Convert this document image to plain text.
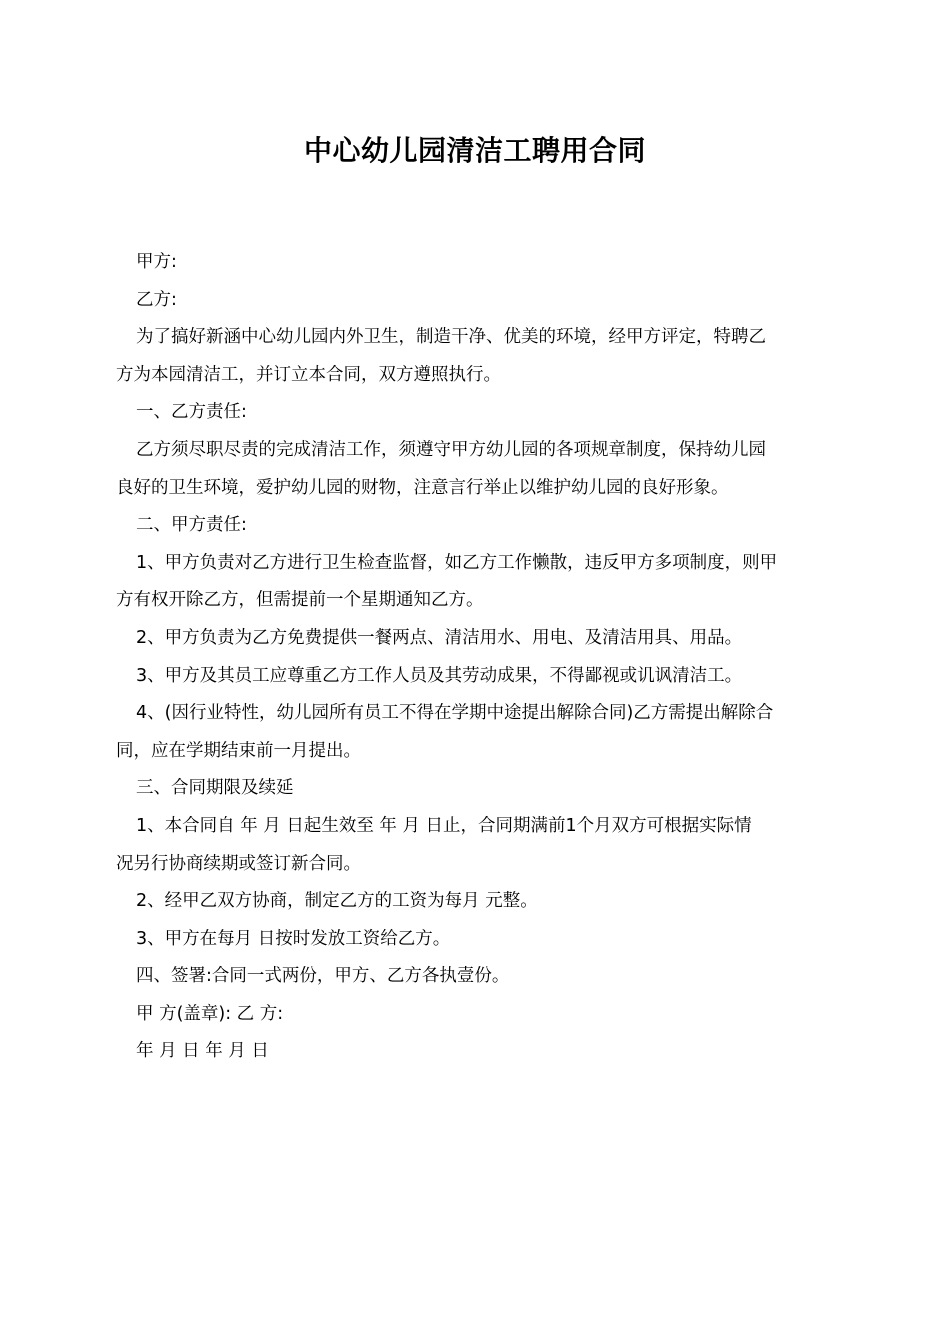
中心幼儿园清洁工聘用合同

甲方:

乙方:

为了搞好新涵中心幼儿园内外卫生，制造干净、优美的环境，经甲方评定，特聘乙

方为本园清洁工，并订立本合同，双方遵照执行。

一、乙方责任:

乙方须尽职尽责的完成清洁工作，须遵守甲方幼儿园的各项规章制度，保持幼儿园

良好的卫生环境，爱护幼儿园的财物，注意言行举止以维护幼儿园的良好形象。

二、甲方责任:

1、甲方负责对乙方进行卫生检查监督，如乙方工作懒散，违反甲方多项制度，则甲

方有权开除乙方，但需提前一个星期通知乙方。

2、甲方负责为乙方免费提供一餐两点、清洁用水、用电、及清洁用具、用品。

3、甲方及其员工应尊重乙方工作人员及其劳动成果，不得鄙视或讥讽清洁工。

4、(因行业特性，幼儿园所有员工不得在学期中途提出解除合同)乙方需提出解除合

同，应在学期结束前一月提出。

三、合同期限及续延

1、本合同自 年 月 日起生效至 年 月 日止，合同期满前1个月双方可根据实际情

况另行协商续期或签订新合同。

2、经甲乙双方协商，制定乙方的工资为每月 元整。

3、甲方在每月 日按时发放工资给乙方。

四、签署:合同一式两份，甲方、乙方各执壹份。

甲 方(盖章): 乙 方:

年 月 日 年 月 日
